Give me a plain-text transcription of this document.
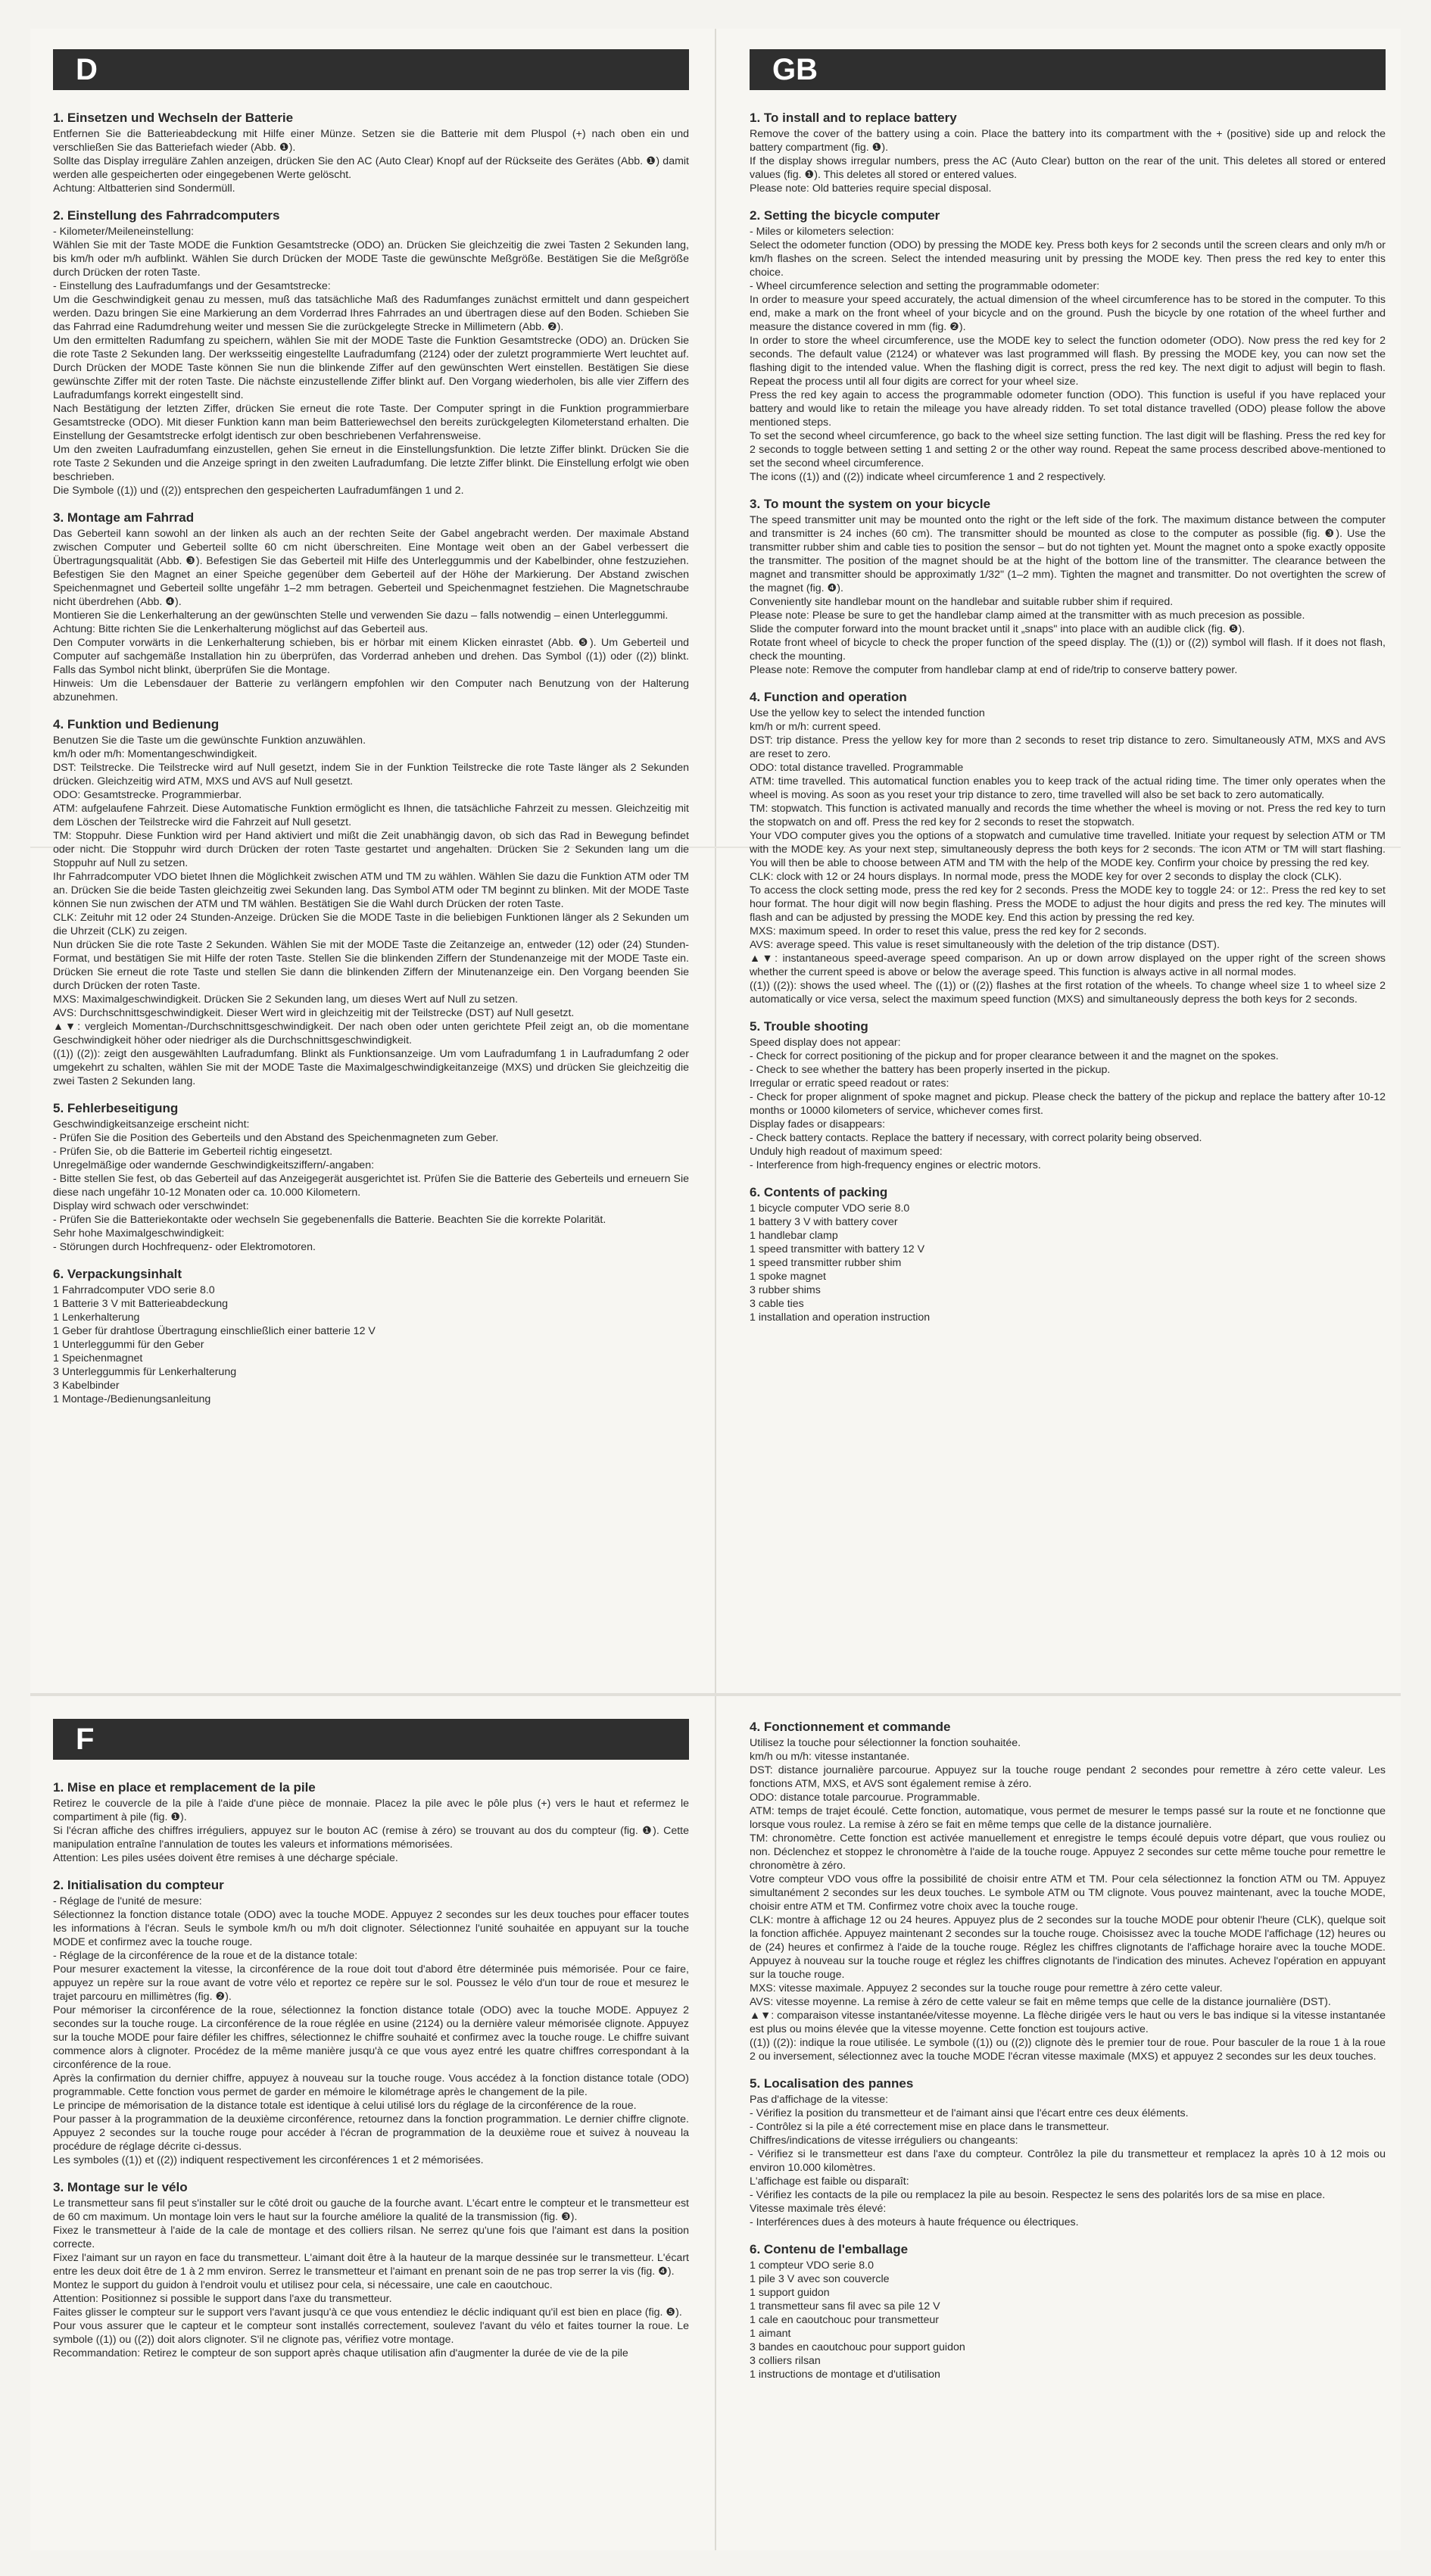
D
1. Einsetzen und Wechseln der Batterie

Entfernen Sie die Batterieabdeckung mit Hilfe einer Münze. Setzen sie die Batterie mit dem Pluspol (+) nach oben ein und verschließen Sie das Batteriefach wieder (Abb. ❶).

Sollte das Display irreguläre Zahlen anzeigen, drücken Sie den AC (Auto Clear) Knopf auf der Rückseite des Gerätes (Abb. ❶) damit werden alle gespeicherten oder eingegebenen Werte gelöscht.

Achtung: Altbatterien sind Sondermüll.

2. Einstellung des Fahrradcomputers

- Kilometer/Meileneinstellung:

Wählen Sie mit der Taste MODE die Funktion Gesamtstrecke (ODO) an. Drücken Sie gleichzeitig die zwei Tasten 2 Sekunden lang, bis km/h oder m/h aufblinkt. Wählen Sie durch Drücken der MODE Taste die gewünschte Meßgröße. Bestätigen Sie die Meßgröße durch Drücken der roten Taste.

- Einstellung des Laufradumfangs und der Gesamtstrecke:

Um die Geschwindigkeit genau zu messen, muß das tatsächliche Maß des Radumfanges zunächst ermittelt und dann gespeichert werden. Dazu bringen Sie eine Markierung an dem Vorderrad Ihres Fahrrades an und übertragen diese auf den Boden. Schieben Sie das Fahrrad eine Radumdrehung weiter und messen Sie die zurückgelegte Strecke in Millimetern (Abb. ❷).

Um den ermittelten Radumfang zu speichern, wählen Sie mit der MODE Taste die Funktion Gesamtstrecke (ODO) an. Drücken Sie die rote Taste 2 Sekunden lang. Der werksseitig eingestellte Laufradumfang (2124) oder der zuletzt programmierte Wert leuchtet auf. Durch Drücken der MODE Taste können Sie nun die blinkende Ziffer auf den gewünschten Wert einstellen. Bestätigen Sie diese gewünschte Ziffer mit der roten Taste. Die nächste einzustellende Ziffer blinkt auf. Den Vorgang wiederholen, bis alle vier Ziffern des Laufradumfangs korrekt eingestellt sind.

Nach Bestätigung der letzten Ziffer, drücken Sie erneut die rote Taste. Der Computer springt in die Funktion programmierbare Gesamtstrecke (ODO). Mit dieser Funktion kann man beim Batteriewechsel den bereits zurückgelegten Kilometerstand erhalten. Die Einstellung der Gesamtstrecke erfolgt identisch zur oben beschriebenen Verfahrensweise.

Um den zweiten Laufradumfang einzustellen, gehen Sie erneut in die Einstellungsfunktion. Die letzte Ziffer blinkt. Drücken Sie die rote Taste 2 Sekunden und die Anzeige springt in den zweiten Laufradumfang. Die letzte Ziffer blinkt. Die Einstellung erfolgt wie oben beschrieben.

Die Symbole ((1)) und ((2)) entsprechen den gespeicherten Laufradumfängen 1 und 2.

3. Montage am Fahrrad

Das Geberteil kann sowohl an der linken als auch an der rechten Seite der Gabel angebracht werden. Der maximale Abstand zwischen Computer und Geberteil sollte 60 cm nicht überschreiten. Eine Montage weit oben an der Gabel verbessert die Übertragungsqualität (Abb. ❸). Befestigen Sie das Geberteil mit Hilfe des Unterleggummis und der Kabelbinder, ohne festzuziehen. Befestigen Sie den Magnet an einer Speiche gegenüber dem Geberteil auf der Höhe der Markierung. Der Abstand zwischen Speichenmagnet und Geberteil sollte ungefähr 1–2 mm betragen. Geberteil und Speichenmagnet festziehen. Die Magnetschraube nicht überdrehen (Abb. ❹).

Montieren Sie die Lenkerhalterung an der gewünschten Stelle und verwenden Sie dazu – falls notwendig – einen Unterleggummi.

Achtung: Bitte richten Sie die Lenkerhalterung möglichst auf das Geberteil aus.

Den Computer vorwärts in die Lenkerhalterung schieben, bis er hörbar mit einem Klicken einrastet (Abb. ❺). Um Geberteil und Computer auf sachgemäße Installation hin zu überprüfen, das Vorderrad anheben und drehen. Das Symbol ((1)) oder ((2)) blinkt. Falls das Symbol nicht blinkt, überprüfen Sie die Montage.

Hinweis: Um die Lebensdauer der Batterie zu verlängern empfohlen wir den Computer nach Benutzung von der Halterung abzunehmen.

4. Funktion und Bedienung

Benutzen Sie die Taste um die gewünschte Funktion anzuwählen.

km/h oder m/h: Momentangeschwindigkeit.

DST: Teilstrecke. Die Teilstrecke wird auf Null gesetzt, indem Sie in der Funktion Teilstrecke die rote Taste länger als 2 Sekunden drücken. Gleichzeitig wird ATM, MXS und AVS auf Null gesetzt.

ODO: Gesamtstrecke. Programmierbar.

ATM: aufgelaufene Fahrzeit. Diese Automatische Funktion ermöglicht es Ihnen, die tatsächliche Fahrzeit zu messen. Gleichzeitig mit dem Löschen der Teilstrecke wird die Fahrzeit auf Null gesetzt.

TM: Stoppuhr. Diese Funktion wird per Hand aktiviert und mißt die Zeit unabhängig davon, ob sich das Rad in Bewegung befindet oder nicht. Die Stoppuhr wird durch Drücken der roten Taste gestartet und angehalten. Drücken Sie 2 Sekunden lang um die Stoppuhr auf Null zu setzen.

Ihr Fahrradcomputer VDO bietet Ihnen die Möglichkeit zwischen ATM und TM zu wählen. Wählen Sie dazu die Funktion ATM oder TM an. Drücken Sie die beide Tasten gleichzeitig zwei Sekunden lang. Das Symbol ATM oder TM beginnt zu blinken. Mit der MODE Taste können Sie nun zwischen der ATM und TM wählen. Bestätigen Sie die Wahl durch Drücken der roten Taste.

CLK: Zeituhr mit 12 oder 24 Stunden-Anzeige. Drücken Sie die MODE Taste in die beliebigen Funktionen länger als 2 Sekunden um die Uhrzeit (CLK) zu zeigen.

Nun drücken Sie die rote Taste 2 Sekunden. Wählen Sie mit der MODE Taste die Zeitanzeige an, entweder (12) oder (24) Stunden-Format, und bestätigen Sie mit Hilfe der roten Taste. Stellen Sie die blinkenden Ziffern der Stundenanzeige mit der MODE Taste ein. Drücken Sie erneut die rote Taste und stellen Sie dann die blinkenden Ziffern der Minutenanzeige ein. Den Vorgang beenden Sie durch Drücken der roten Taste.

MXS: Maximalgeschwindigkeit. Drücken Sie 2 Sekunden lang, um dieses Wert auf Null zu setzen.

AVS: Durchschnittsgeschwindigkeit. Dieser Wert wird in gleichzeitig mit der Teilstrecke (DST) auf Null gesetzt.

▲▼: vergleich Momentan-/Durchschnittsgeschwindigkeit. Der nach oben oder unten gerichtete Pfeil zeigt an, ob die momentane Geschwindigkeit höher oder niedriger als die Durchschnittsgeschwindigkeit.

((1)) ((2)): zeigt den ausgewählten Laufradumfang. Blinkt als Funktionsanzeige. Um vom Laufradumfang 1 in Laufradumfang 2 oder umgekehrt zu schalten, wählen Sie mit der MODE Taste die Maximalgeschwindigkeitanzeige (MXS) und drücken Sie gleichzeitig die zwei Tasten 2 Sekunden lang.

5. Fehlerbeseitigung

Geschwindigkeitsanzeige erscheint nicht:

- Prüfen Sie die Position des Geberteils und den Abstand des Speichenmagneten zum Geber.

- Prüfen Sie, ob die Batterie im Geberteil richtig eingesetzt.

Unregelmäßige oder wandernde Geschwindigkeitsziffern/-angaben:

- Bitte stellen Sie fest, ob das Geberteil auf das Anzeigegerät ausgerichtet ist. Prüfen Sie die Batterie des Geberteils und erneuern Sie diese nach ungefähr 10-12 Monaten oder ca. 10.000 Kilometern.

Display wird schwach oder verschwindet:

- Prüfen Sie die Batteriekontakte oder wechseln Sie gegebenenfalls die Batterie. Beachten Sie die korrekte Polarität.

Sehr hohe Maximalgeschwindigkeit:

- Störungen durch Hochfrequenz- oder Elektromotoren.

6. Verpackungsinhalt

1 Fahrradcomputer VDO serie 8.0

1 Batterie 3 V mit Batterieabdeckung

1 Lenkerhalterung

1 Geber für drahtlose Übertragung einschließlich einer batterie 12 V

1 Unterleggummi für den Geber

1 Speichenmagnet

3 Unterleggummis für Lenkerhalterung

3 Kabelbinder

1 Montage-/Bedienungsanleitung

GB
1. To install and to replace battery

Remove the cover of the battery using a coin. Place the battery into its compartment with the + (positive) side up and relock the battery compartment (fig. ❶).

If the display shows irregular numbers, press the AC (Auto Clear) button on the rear of the unit. This deletes all stored or entered values (fig. ❶). This deletes all stored or entered values.

Please note: Old batteries require special disposal.

2. Setting the bicycle computer

- Miles or kilometers selection:

Select the odometer function (ODO) by pressing the MODE key. Press both keys for 2 seconds until the screen clears and only m/h or km/h flashes on the screen. Select the intended measuring unit by pressing the MODE key. Then press the red key to enter this choice.

- Wheel circumference selection and setting the programmable odometer:

In order to measure your speed accurately, the actual dimension of the wheel circumference has to be stored in the computer. To this end, make a mark on the front wheel of your bicycle and on the ground. Push the bicycle by one rotation of the wheel further and measure the distance covered in mm (fig. ❷).

In order to store the wheel circumference, use the MODE key to select the function odometer (ODO). Now press the red key for 2 seconds. The default value (2124) or whatever was last programmed will flash. By pressing the MODE key, you can now set the flashing digit to the intended value. When the flashing digit is correct, press the red key. The next digit to adjust will begin to flash. Repeat the process until all four digits are correct for your wheel size.

Press the red key again to access the programmable odometer function (ODO). This function is useful if you have replaced your battery and would like to retain the mileage you have already ridden. To set total distance travelled (ODO) please follow the above mentioned steps.

To set the second wheel circumference, go back to the wheel size setting function. The last digit will be flashing. Press the red key for 2 seconds to toggle between setting 1 and setting 2 or the other way round. Repeat the same process described above-mentioned to set the second wheel circumference.

The icons ((1)) and ((2)) indicate wheel circumference 1 and 2 respectively.

3. To mount the system on your bicycle

The speed transmitter unit may be mounted onto the right or the left side of the fork. The maximum distance between the computer and transmitter is 24 inches (60 cm). The transmitter should be mounted as close to the computer as possible (fig. ❸). Use the transmitter rubber shim and cable ties to position the sensor – but do not tighten yet. Mount the magnet onto a spoke exactly opposite the transmitter. The position of the magnet should be at the hight of the bottom line of the transmitter. The clearance between the magnet and transmitter should be approximatly 1/32" (1–2 mm). Tighten the magnet and transmitter. Do not overtighten the screw of the magnet (fig. ❹).

Conveniently site handlebar mount on the handlebar and suitable rubber shim if required.

Please note: Please be sure to get the handlebar clamp aimed at the transmitter with as much precesion as possible.

Slide the computer forward into the mount bracket until it „snaps" into place with an audible click (fig. ❺).

Rotate front wheel of bicycle to check the proper function of the speed display. The ((1)) or ((2)) symbol will flash. If it does not flash, check the mounting.

Please note: Remove the computer from handlebar clamp at end of ride/trip to conserve battery power.

4. Function and operation

Use the yellow key to select the intended function

km/h or m/h: current speed.

DST: trip distance. Press the yellow key for more than 2 seconds to reset trip distance to zero. Simultaneously ATM, MXS and AVS are reset to zero.

ODO: total distance travelled. Programmable

ATM: time travelled. This automatical function enables you to keep track of the actual riding time. The timer only operates when the wheel is moving. As soon as you reset your trip distance to zero, time travelled will also be set back to zero automatically.

TM: stopwatch. This function is activated manually and records the time whether the wheel is moving or not. Press the red key to turn the stopwatch on and off. Press the red key for 2 seconds to reset the stopwatch.

Your VDO computer gives you the options of a stopwatch and cumulative time travelled. Initiate your request by selection ATM or TM with the MODE key. As your next step, simultaneously depress the both keys for 2 seconds. The icon ATM or TM will start flashing. You will then be able to choose between ATM and TM with the help of the MODE key. Confirm your choice by pressing the red key.

CLK: clock with 12 or 24 hours displays. In normal mode, press the MODE key for over 2 seconds to display the clock (CLK).

To access the clock setting mode, press the red key for 2 seconds. Press the MODE key to toggle 24: or 12:. Press the red key to set hour format. The hour digit will now begin flashing. Press the MODE to adjust the hour digits and press the red key. The minutes will flash and can be adjusted by pressing the MODE key. End this action by pressing the red key.

MXS: maximum speed. In order to reset this value, press the red key for 2 seconds.

AVS: average speed. This value is reset simultaneously with the deletion of the trip distance (DST).

▲▼: instantaneous speed-average speed comparison. An up or down arrow displayed on the upper right of the screen shows whether the current speed is above or below the average speed. This function is always active in all normal modes.

((1)) ((2)): shows the used wheel. The ((1)) or ((2)) flashes at the first rotation of the wheels. To change wheel size 1 to wheel size 2 automatically or vice versa, select the maximum speed function (MXS) and simultaneously depress the both keys for 2 seconds.

5. Trouble shooting

Speed display does not appear:

- Check for correct positioning of the pickup and for proper clearance between it and the magnet on the spokes.

- Check to see whether the battery has been properly inserted in the pickup.

Irregular or erratic speed readout or rates:

- Check for proper alignment of spoke magnet and pickup. Please check the battery of the pickup and replace the battery after 10-12 months or 10000 kilometers of service, whichever comes first.

Display fades or disappears:

- Check battery contacts. Replace the battery if necessary, with correct polarity being observed.

Unduly high readout of maximum speed:

- Interference from high-frequency engines or electric motors.

6. Contents of packing

1 bicycle computer VDO serie 8.0

1 battery 3 V with battery cover

1 handlebar clamp

1 speed transmitter with battery 12 V

1 speed transmitter rubber shim

1 spoke magnet

3 rubber shims

3 cable ties

1 installation and operation instruction

F
1. Mise en place et remplacement de la pile

Retirez le couvercle de la pile à l'aide d'une pièce de monnaie. Placez la pile avec le pôle plus (+) vers le haut et refermez le compartiment à pile (fig. ❶).

Si l'écran affiche des chiffres irréguliers, appuyez sur le bouton AC (remise à zéro) se trouvant au dos du compteur (fig. ❶). Cette manipulation entraîne l'annulation de toutes les valeurs et informations mémorisées.

Attention: Les piles usées doivent être remises à une décharge spéciale.

2. Initialisation du compteur

- Réglage de l'unité de mesure:

Sélectionnez la fonction distance totale (ODO) avec la touche MODE. Appuyez 2 secondes sur les deux touches pour effacer toutes les informations à l'écran. Seuls le symbole km/h ou m/h doit clignoter. Sélectionnez l'unité souhaitée en appuyant sur la touche MODE et confirmez avec la touche rouge.

- Réglage de la circonférence de la roue et de la distance totale:

Pour mesurer exactement la vitesse, la circonférence de la roue doit tout d'abord être déterminée puis mémorisée. Pour ce faire, appuyez un repère sur la roue avant de votre vélo et reportez ce repère sur le sol. Poussez le vélo d'un tour de roue et mesurez le trajet parcouru en millimètres (fig. ❷).

Pour mémoriser la circonférence de la roue, sélectionnez la fonction distance totale (ODO) avec la touche MODE. Appuyez 2 secondes sur la touche rouge. La circonférence de la roue réglée en usine (2124) ou la dernière valeur mémorisée clignote. Appuyez sur la touche MODE pour faire défiler les chiffres, sélectionnez le chiffre souhaité et confirmez avec la touche rouge. Le chiffre suivant commence alors à clignoter. Procédez de la même manière jusqu'à ce que vous ayez entré les quatre chiffres correspondant à la circonférence de la roue.

Après la confirmation du dernier chiffre, appuyez à nouveau sur la touche rouge. Vous accédez à la fonction distance totale (ODO) programmable. Cette fonction vous permet de garder en mémoire le kilométrage après le changement de la pile.

Le principe de mémorisation de la distance totale est identique à celui utilisé lors du réglage de la circonférence de la roue.

Pour passer à la programmation de la deuxième circonférence, retournez dans la fonction programmation. Le dernier chiffre clignote. Appuyez 2 secondes sur la touche rouge pour accéder à l'écran de programmation de la deuxième roue et suivez à nouveau la procédure de réglage décrite ci-dessus.

Les symboles ((1)) et ((2)) indiquent respectivement les circonférences 1 et 2 mémorisées.

3. Montage sur le vélo

Le transmetteur sans fil peut s'installer sur le côté droit ou gauche de la fourche avant. L'écart entre le compteur et le transmetteur est de 60 cm maximum. Un montage loin vers le haut sur la fourche améliore la qualité de la transmission (fig. ❸).

Fixez le transmetteur à l'aide de la cale de montage et des colliers rilsan. Ne serrez qu'une fois que l'aimant est dans la position correcte.

Fixez l'aimant sur un rayon en face du transmetteur. L'aimant doit être à la hauteur de la marque dessinée sur le transmetteur. L'écart entre les deux doit être de 1 à 2 mm environ. Serrez le transmetteur et l'aimant en prenant soin de ne pas trop serrer la vis (fig. ❹).

Montez le support du guidon à l'endroit voulu et utilisez pour cela, si nécessaire, une cale en caoutchouc.

Attention: Positionnez si possible le support dans l'axe du transmetteur.

Faites glisser le compteur sur le support vers l'avant jusqu'à ce que vous entendiez le déclic indiquant qu'il est bien en place (fig. ❺).

Pour vous assurer que le capteur et le compteur sont installés correctement, soulevez l'avant du vélo et faites tourner la roue. Le symbole ((1)) ou ((2)) doit alors clignoter. S'il ne clignote pas, vérifiez votre montage.

Recommandation: Retirez le compteur de son support après chaque utilisation afin d'augmenter la durée de vie de la pile

4. Fonctionnement et commande

Utilisez la touche pour sélectionner la fonction souhaitée.

km/h ou m/h: vitesse instantanée.

DST: distance journalière parcourue. Appuyez sur la touche rouge pendant 2 secondes pour remettre à zéro cette valeur. Les fonctions ATM, MXS, et AVS sont également remise à zéro.

ODO: distance totale parcourue. Programmable.

ATM: temps de trajet écoulé. Cette fonction, automatique, vous permet de mesurer le temps passé sur la route et ne fonctionne que lorsque vous roulez. La remise à zéro se fait en même temps que celle de la distance journalière.

TM: chronomètre. Cette fonction est activée manuellement et enregistre le temps écoulé depuis votre départ, que vous rouliez ou non. Déclenchez et stoppez le chronomètre à l'aide de la touche rouge. Appuyez 2 secondes sur cette même touche pour remettre le chronomètre à zéro.

Votre compteur VDO vous offre la possibilité de choisir entre ATM et TM. Pour cela sélectionnez la fonction ATM ou TM. Appuyez simultanément 2 secondes sur les deux touches. Le symbole ATM ou TM clignote. Vous pouvez maintenant, avec la touche MODE, choisir entre ATM et TM. Confirmez votre choix avec la touche rouge.

CLK: montre à affichage 12 ou 24 heures. Appuyez plus de 2 secondes sur la touche MODE pour obtenir l'heure (CLK), quelque soit la fonction affichée. Appuyez maintenant 2 secondes sur la touche rouge. Choisissez avec la touche MODE l'affichage (12) heures ou de (24) heures et confirmez à l'aide de la touche rouge. Réglez les chiffres clignotants de l'affichage horaire avec la touche MODE. Appuyez à nouveau sur la touche rouge et réglez les chiffres clignotants de l'indication des minutes. Achevez l'opération en appuyant sur la touche rouge.

MXS: vitesse maximale. Appuyez 2 secondes sur la touche rouge pour remettre à zéro cette valeur.

AVS: vitesse moyenne. La remise à zéro de cette valeur se fait en même temps que celle de la distance journalière (DST).

▲▼: comparaison vitesse instantanée/vitesse moyenne. La flèche dirigée vers le haut ou vers le bas indique si la vitesse instantanée est plus ou moins élevée que la vitesse moyenne. Cette fonction est toujours active.

((1)) ((2)): indique la roue utilisée. Le symbole ((1)) ou ((2)) clignote dès le premier tour de roue. Pour basculer de la roue 1 à la roue 2 ou inversement, sélectionnez avec la touche MODE l'écran vitesse maximale (MXS) et appuyez 2 secondes sur les deux touches.

5. Localisation des pannes

Pas d'affichage de la vitesse:

- Vérifiez la position du transmetteur et de l'aimant ainsi que l'écart entre ces deux éléments.

- Contrôlez si la pile a été correctement mise en place dans le transmetteur.

Chiffres/indications de vitesse irréguliers ou changeants:

- Vérifiez si le transmetteur est dans l'axe du compteur. Contrôlez la pile du transmetteur et remplacez la après 10 à 12 mois ou environ 10.000 kilomètres.

L'affichage est faible ou disparaît:

- Vérifiez les contacts de la pile ou remplacez la pile au besoin. Respectez le sens des polarités lors de sa mise en place.

Vitesse maximale très élevé:

- Interférences dues à des moteurs à haute fréquence ou électriques.

6. Contenu de l'emballage

1 compteur VDO serie 8.0

1 pile 3 V avec son couvercle

1 support guidon

1 transmetteur sans fil avec sa pile 12 V

1 cale en caoutchouc pour transmetteur

1 aimant

3 bandes en caoutchouc pour support guidon

3 colliers rilsan

1 instructions de montage et d'utilisation
